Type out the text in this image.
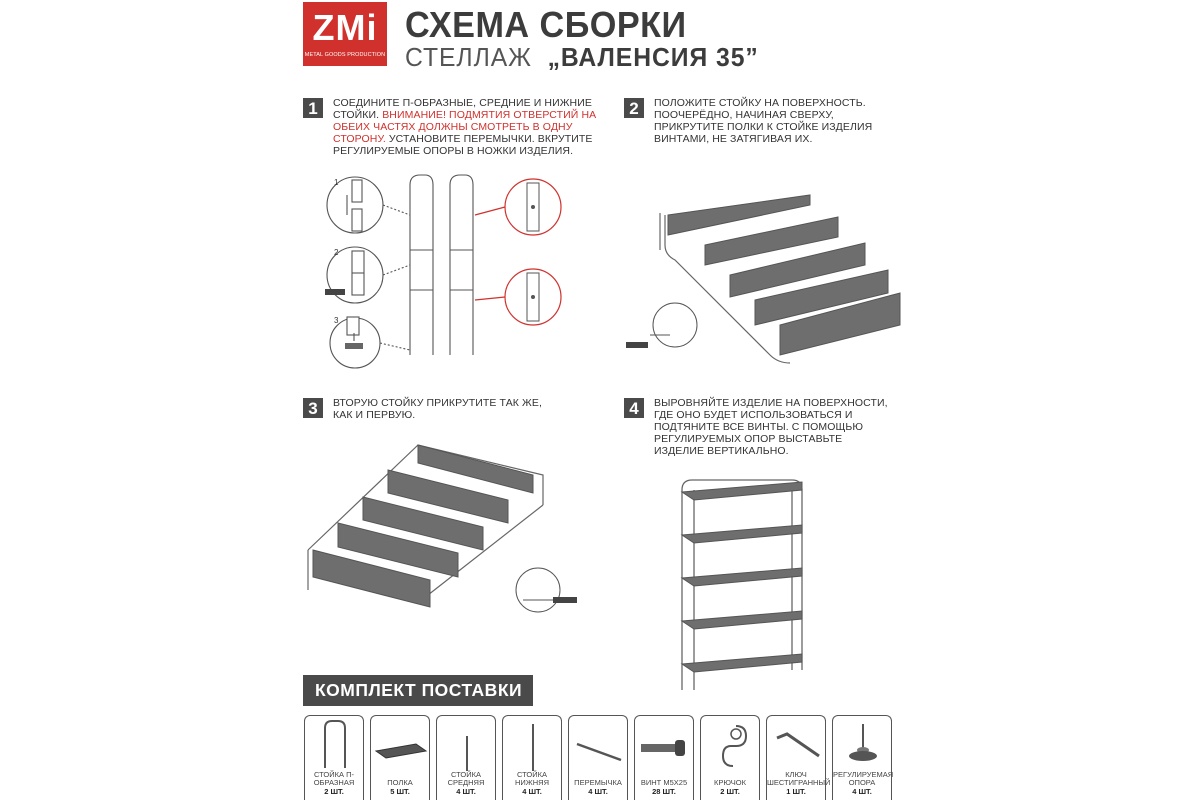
ZMi
METAL GOODS PRODUCTION
СХЕМА СБОРКИ
СТЕЛЛАЖ „ВАЛЕНСИЯ 35”
1	СОЕДИНИТЕ П-ОБРАЗНЫЕ, СРЕДНИЕ И НИЖНИЕ СТОЙКИ. ВНИМАНИЕ! ПОДМЯТИЯ ОТВЕРСТИЙ НА ОБЕИХ ЧАСТЯХ ДОЛЖНЫ СМОТРЕТЬ В ОДНУ СТОРОНУ. УСТАНОВИТЕ ПЕРЕМЫЧКИ. ВКРУТИТЕ РЕГУЛИРУЕМЫЕ ОПОРЫ В НОЖКИ ИЗДЕЛИЯ.
1
2
3
2	ПОЛОЖИТЕ СТОЙКУ НА ПОВЕРХНОСТЬ. ПООЧЕРЁДНО, НАЧИНАЯ СВЕРХУ, ПРИКРУТИТЕ ПОЛКИ К СТОЙКЕ ИЗДЕЛИЯ ВИНТАМИ, НЕ ЗАТЯГИВАЯ ИХ.
3	ВТОРУЮ СТОЙКУ ПРИКРУТИТЕ ТАК ЖЕ, КАК И ПЕРВУЮ.	4	ВЫРОВНЯЙТЕ ИЗДЕЛИЕ НА ПОВЕРХНОСТИ, ГДЕ ОНО БУДЕТ ИСПОЛЬЗОВАТЬСЯ И ПОДТЯНИТЕ ВСЕ ВИНТЫ. С ПОМОЩЬЮ РЕГУЛИРУЕМЫХ ОПОР ВЫСТАВЬТЕ ИЗДЕЛИЕ ВЕРТИКАЛЬНО.
КОМПЛЕКТ ПОСТАВКИ
СТОЙКА П-ОБРАЗНАЯ
2 ШТ.
ПОЛКА
5 ШТ.
СТОЙКА СРЕДНЯЯ
4 ШТ.
СТОЙКА НИЖНЯЯ
4 ШТ.
ПЕРЕМЫЧКА
4 ШТ.
ВИНТ М5Х25
28 ШТ.
КРЮЧОК
2 ШТ.
КЛЮЧ ШЕСТИГРАННЫЙ
1 ШТ.
РЕГУЛИРУЕМАЯ ОПОРА
4 ШТ.
